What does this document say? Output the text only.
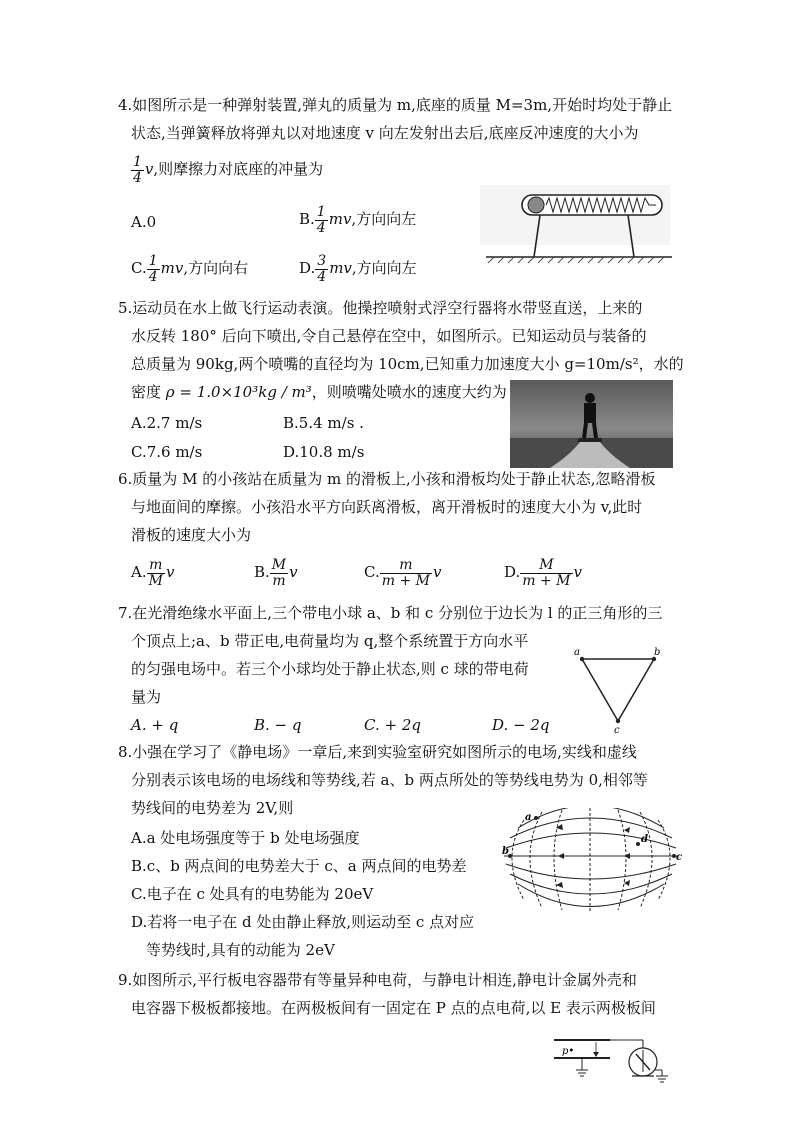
4.如图所示是一种弹射装置,弹丸的质量为 m,底座的质量 M=3m,开始时均处于静止
状态,当弹簧释放将弹丸以对地速度 v 向左发射出去后,底座反冲速度的大小为
$\frac{1}{4} v$,则摩擦力对底座的冲量为
A.0	B. $\frac{1}{4}$ mv,方向向左
C. $\frac{1}{4}$ mv,方向向右	D. $\frac{3}{4}$ mv,方向向左
5.运动员在水上做飞行运动表演。他操控喷射式浮空行器将水带竖直送，上来的
水反转 180° 后向下喷出,令自己悬停在空中，如图所示。已知运动员与装备的
总质量为 90kg,两个喷嘴的直径均为 10cm,已知重力加速度大小 g=10m/s²，水的
密度 ρ = 1.0×10³kg / m³，则喷嘴处喷水的速度大约为
A.2.7 m/s	B.5.4 m/s .
C.7.6 m/s	D.10.8 m/s
6.质量为 M 的小孩站在质量为 m 的滑板上,小孩和滑板均处于静止状态,忽略滑板
与地面间的摩擦。小孩沿水平方向跃离滑板，离开滑板时的速度大小为 v,此时
滑板的速度大小为
A. $\frac{m}{M}$ v	B. $\frac{M}{m}$ v	C. $\frac{m}{m + M}$ v	D. $\frac{M}{m + M}$ v
7.在光滑绝缘水平面上,三个带电小球 a、b 和 c 分别位于边长为 l 的正三角形的三
个顶点上;a、b 带正电,电荷量均为 q,整个系统置于方向水平
的匀强电场中。若三个小球均处于静止状态,则 c 球的带电荷
量为
A. + q	B. − q	C. + 2q	D. − 2q
a	b
c
8.小强在学习了《静电场》一章后,来到实验室研究如图所示的电场,实线和虚线
分别表示该电场的电场线和等势线,若 a、b 两点所处的等势线电势为 0,相邻等
势线间的电势差为 2V,则
A.a 处电场强度等于 b 处电场强度
B.c、b 两点间的电势差大于 c、a 两点间的电势差
C.电子在 c 处具有的电势能为 20eV
D.若将一电子在 d 处由静止释放,则运动至 c 点对应
等势线时,具有的动能为 2eV
a
b
c
d
9.如图所示,平行板电容器带有等量异种电荷，与静电计相连,静电计金属外壳和
电容器下极板都接地。在两极板间有一固定在 P 点的点电荷,以 E 表示两极板间
p•
